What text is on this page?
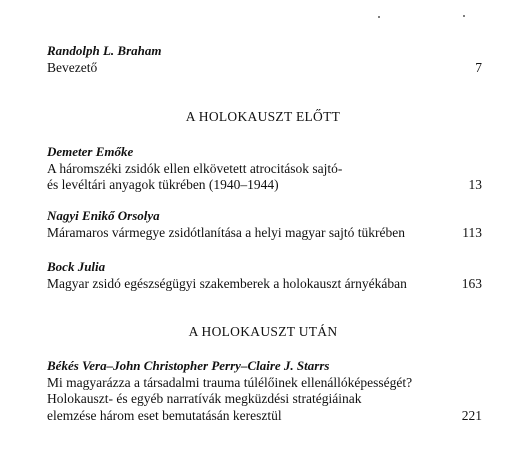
Randolph L. Braham
Bevezető	7
A HOLOKAUSZT ELŐTT
Demeter Emőke
A háromszéki zsidók ellen elkövetett atrocitások sajtó-
és levéltári anyagok tükrében (1940–1944)	13
Nagyi Enikő Orsolya
Máramaros vármegye zsidótlanítása a helyi magyar sajtó tükrében	113
Bock Julia
Magyar zsidó egészségügyi szakemberek a holokauszt árnyékában	163
A HOLOKAUSZT UTÁN
Békés Vera–John Christopher Perry–Claire J. Starrs
Mi magyarázza a társadalmi trauma túlélőinek ellenállóképességét?
Holokauszt- és egyéb narratívák megküzdési stratégiáinak
elemzése három eset bemutatásán keresztül	221
